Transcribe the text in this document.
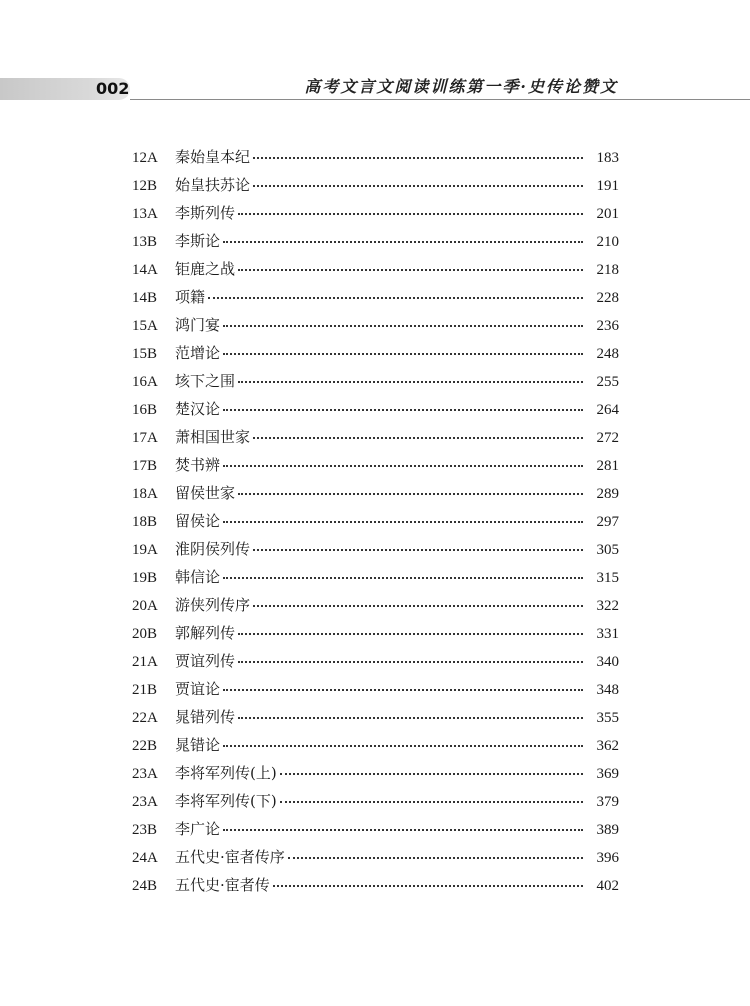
002	高考文言文阅读训练第一季·史传论赞文
12A	秦始皇本纪	183
12B	始皇扶苏论	191
13A	李斯列传	201
13B	李斯论	210
14A	钜鹿之战	218
14B	项籍	228
15A	鸿门宴	236
15B	范增论	248
16A	垓下之围	255
16B	楚汉论	264
17A	萧相国世家	272
17B	焚书辨	281
18A	留侯世家	289
18B	留侯论	297
19A	淮阴侯列传	305
19B	韩信论	315
20A	游侠列传序	322
20B	郭解列传	331
21A	贾谊列传	340
21B	贾谊论	348
22A	晁错列传	355
22B	晁错论	362
23A	李将军列传(上)	369
23A	李将军列传(下)	379
23B	李广论	389
24A	五代史·宦者传序	396
24B	五代史·宦者传	402
